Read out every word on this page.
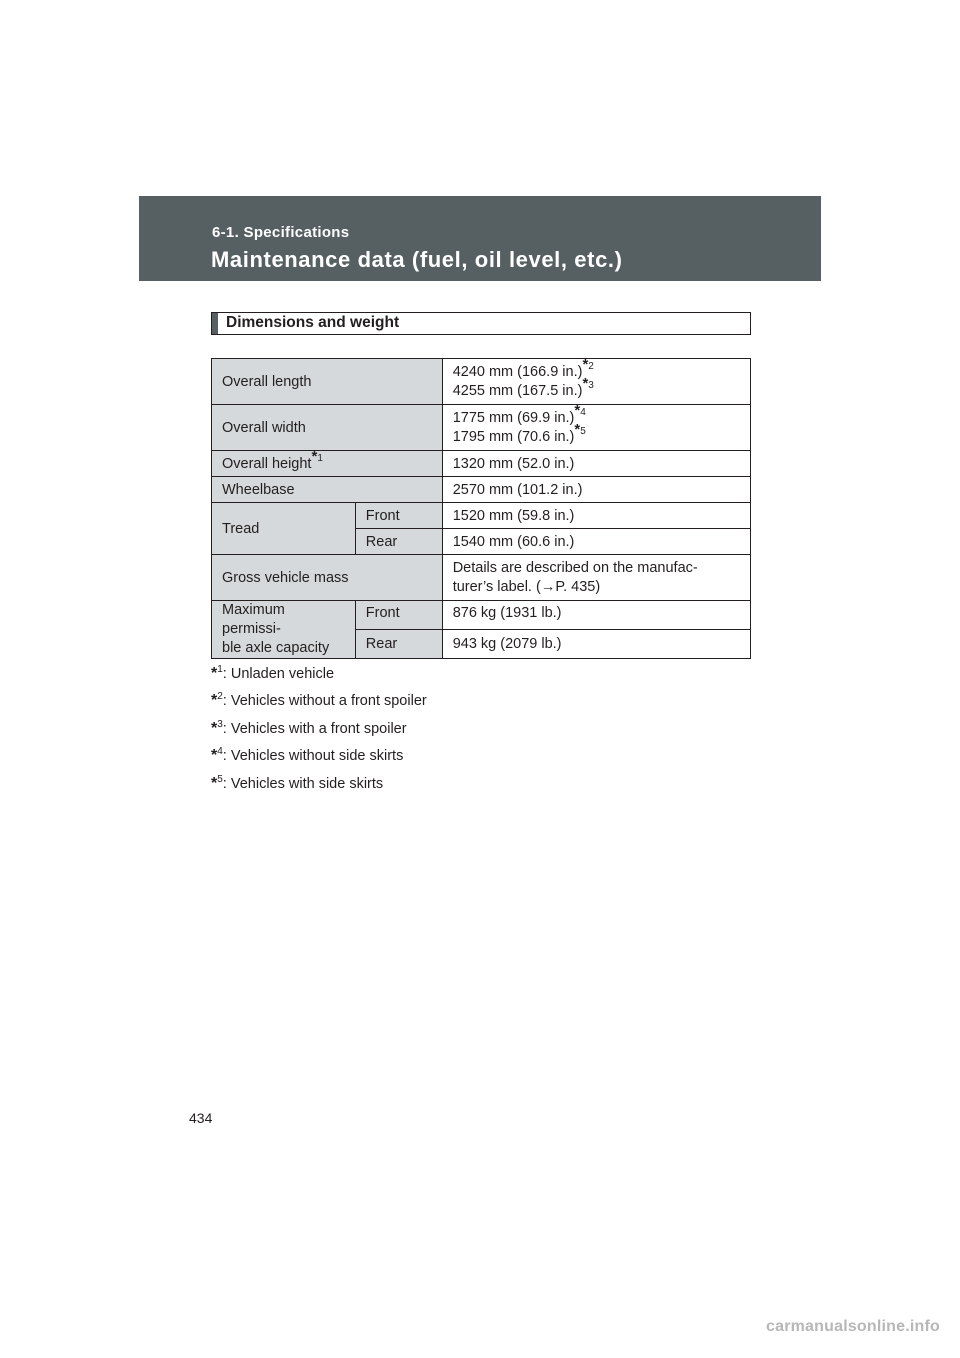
6-1. Specifications
Maintenance data (fuel, oil level, etc.)
Dimensions and weight
Overall length		4240 mm (166.9 in.)$^{*2}$
4255 mm (167.5 in.)$^{*3}$

Overall width		1775 mm (69.9 in.)$^{*4}$
1795 mm (70.6 in.)$^{*5}$

Overall height$^{*1}$		1320 mm (52.0 in.)
Wheelbase		2570 mm (101.2 in.)
Tread	Front	1520 mm (59.8 in.)
	Rear	1540 mm (60.6 in.)
Gross vehicle mass		Details are described on the manufac-
turer’s label. (→P. 435)

Maximum permissi-
ble axle capacity	Front	876 kg (1931 lb.)
	Rear	943 kg (2079 lb.)
*$^1$: Unladen vehicle
*$^2$: Vehicles without a front spoiler
*$^3$: Vehicles with a front spoiler
*$^4$: Vehicles without side skirts
*$^5$: Vehicles with side skirts
434
carmanualsonline.info
